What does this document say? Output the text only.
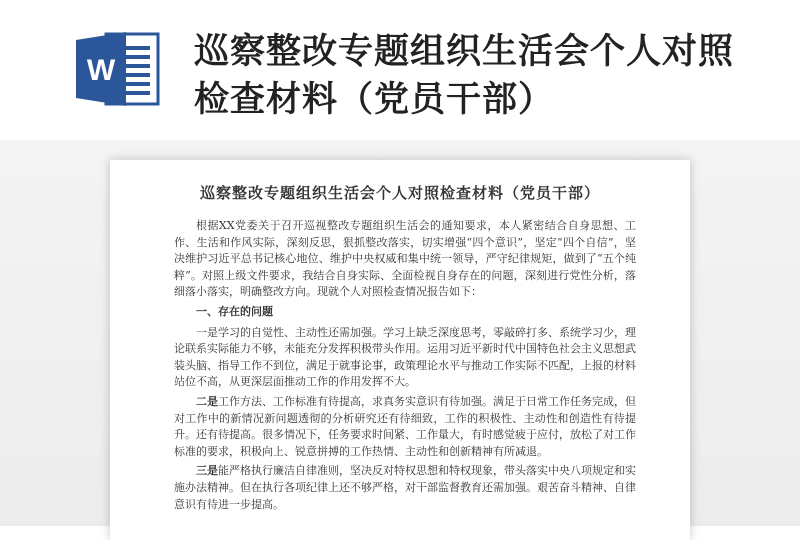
W 巡察整改专题组织生活会个人对照检查材料（党员干部）
巡察整改专题组织生活会个人对照检查材料（党员干部）

根据XX党委关于召开巡视整改专题组织生活会的通知要求，本人紧密结合自身思想、工作、生活和作风实际，深刻反思，狠抓整改落实，切实增强“四个意识”，坚定“四个自信”，坚决维护习近平总书记核心地位、维护中央权威和集中统一领导，严守纪律规矩，做到了“五个纯粹”。对照上级文件要求，我结合自身实际、全面检视自身存在的问题，深刻进行党性分析，落细落小落实，明确整改方向。现就个人对照检查情况报告如下：

一、存在的问题

一是学习的自觉性、主动性还需加强。学习上缺乏深度思考，零敲碎打多、系统学习少，理论联系实际能力不够，未能充分发挥积极带头作用。运用习近平新时代中国特色社会主义思想武装头脑、指导工作不到位，满足于就事论事，政策理论水平与推动工作实际不匹配，上报的材料站位不高，从更深层面推动工作的作用发挥不大。

二是工作方法、工作标准有待提高，求真务实意识有待加强。满足于日常工作任务完成，但对工作中的新情况新问题透彻的分析研究还有待细致，工作的积极性、主动性和创造性有待提升。还有待提高。很多情况下，任务要求时间紧、工作量大，有时感觉疲于应付，放松了对工作标准的要求，积极向上、锐意拼搏的工作热情、主动性和创新精神有所减退。

三是能严格执行廉洁自律准则，坚决反对特权思想和特权现象，带头落实中央八项规定和实施办法精神。但在执行各项纪律上还不够严格，对干部监督教育还需加强。艰苦奋斗精神、自律意识有待进一步提高。
